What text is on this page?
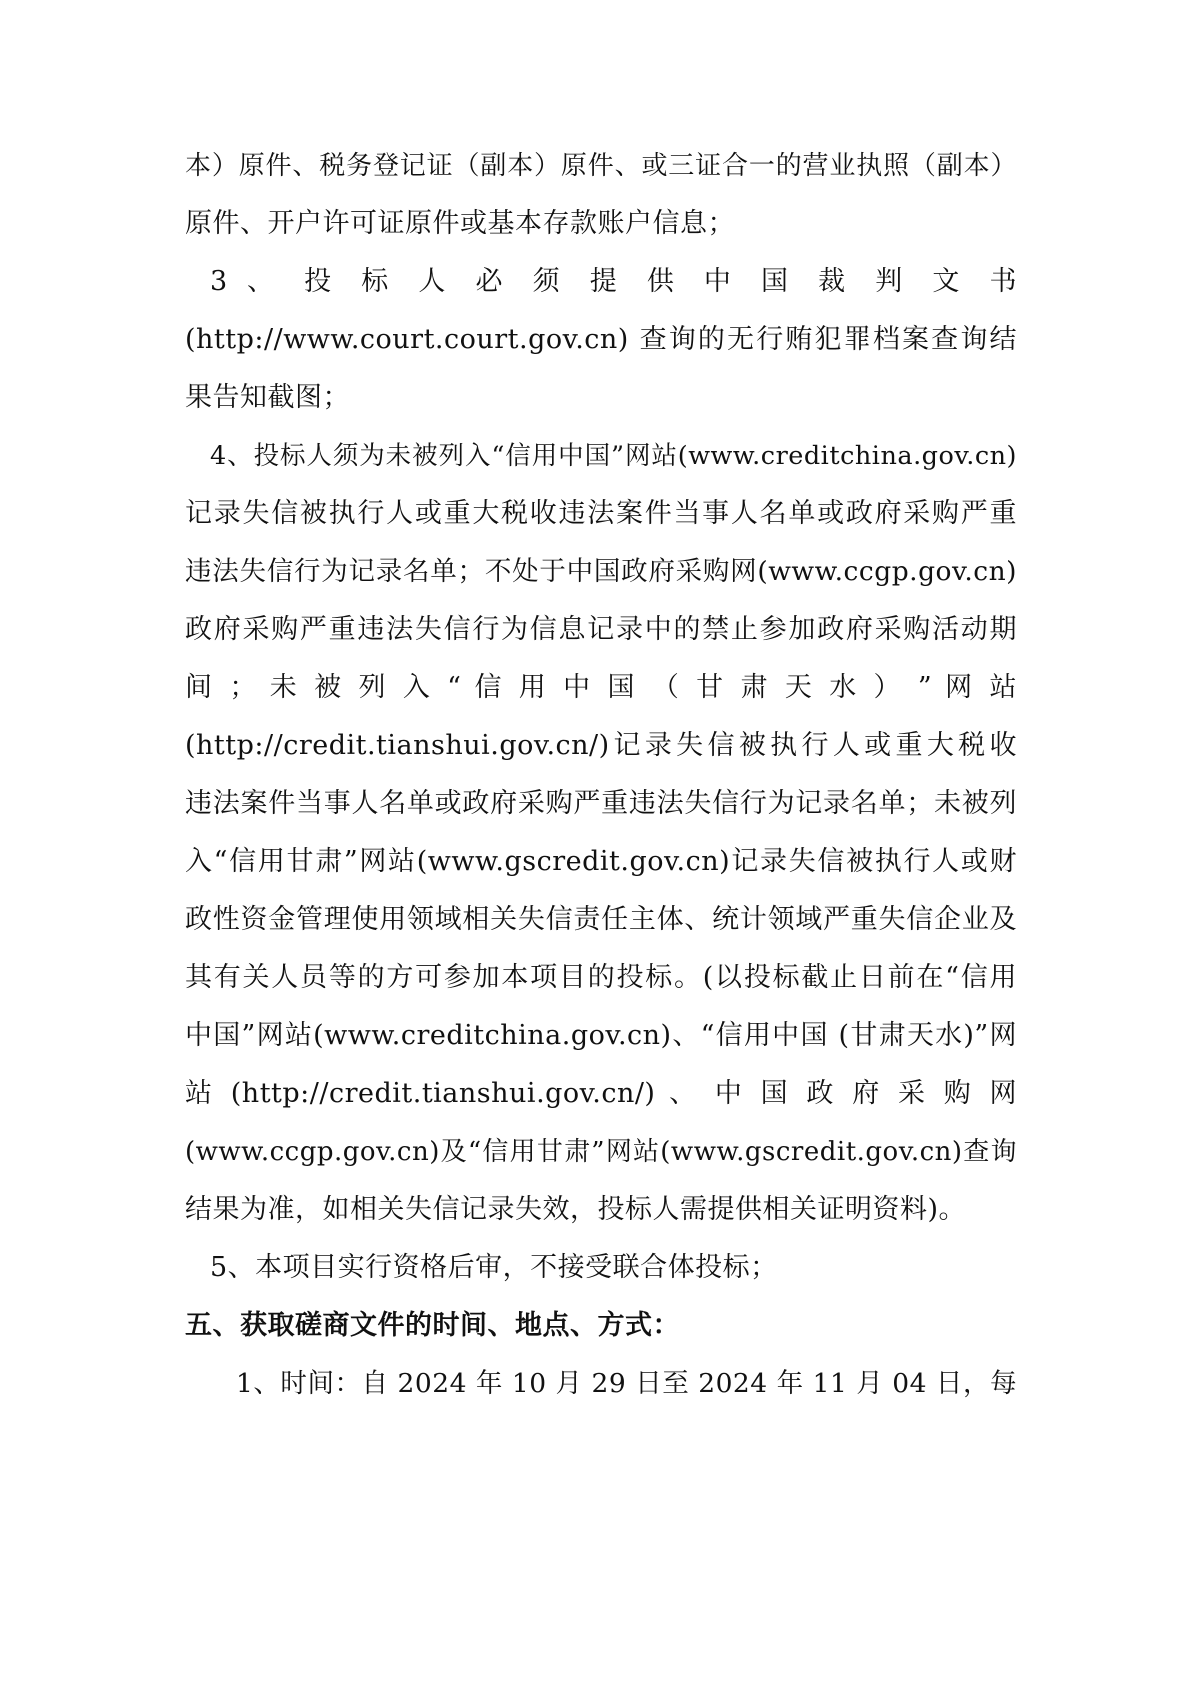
本）原件、税务登记证（副本）原件、或三证合一的营业执照（副本）
原件、开户许可证原件或基本存款账户信息；
3 、 投 标 人 必 须 提 供 中 国 裁 判 文 书
(http://www.court.court.gov.cn) 查询的无行贿犯罪档案查询结
果告知截图；
4、投标人须为未被列入“信用中国”网站(www.creditchina.gov.cn)
记录失信被执行人或重大税收违法案件当事人名单或政府采购严重
违法失信行为记录名单；不处于中国政府采购网(www.ccgp.gov.cn)
政府采购严重违法失信行为信息记录中的禁止参加政府采购活动期
间 ； 未 被 列 入 “ 信 用 中 国 （ 甘 肃 天 水 ） ” 网 站
(http://credit.tianshui.gov.cn/)记录失信被执行人或重大税收
违法案件当事人名单或政府采购严重违法失信行为记录名单；未被列
入“信用甘肃”网站(www.gscredit.gov.cn)记录失信被执行人或财
政性资金管理使用领域相关失信责任主体、统计领域严重失信企业及
其有关人员等的方可参加本项目的投标。(以投标截止日前在“信用
中国”网站(www.creditchina.gov.cn)、“信用中国 (甘肃天水)”网
站 (http://credit.tianshui.gov.cn/) 、 中 国 政 府 采 购 网
(www.ccgp.gov.cn)及“信用甘肃”网站(www.gscredit.gov.cn)查询
结果为准，如相关失信记录失效，投标人需提供相关证明资料)。
5、本项目实行资格后审，不接受联合体投标；
五、获取磋商文件的时间、地点、方式：
1、时间：自 2024 年 10 月 29 日至 2024 年 11 月 04 日，每
